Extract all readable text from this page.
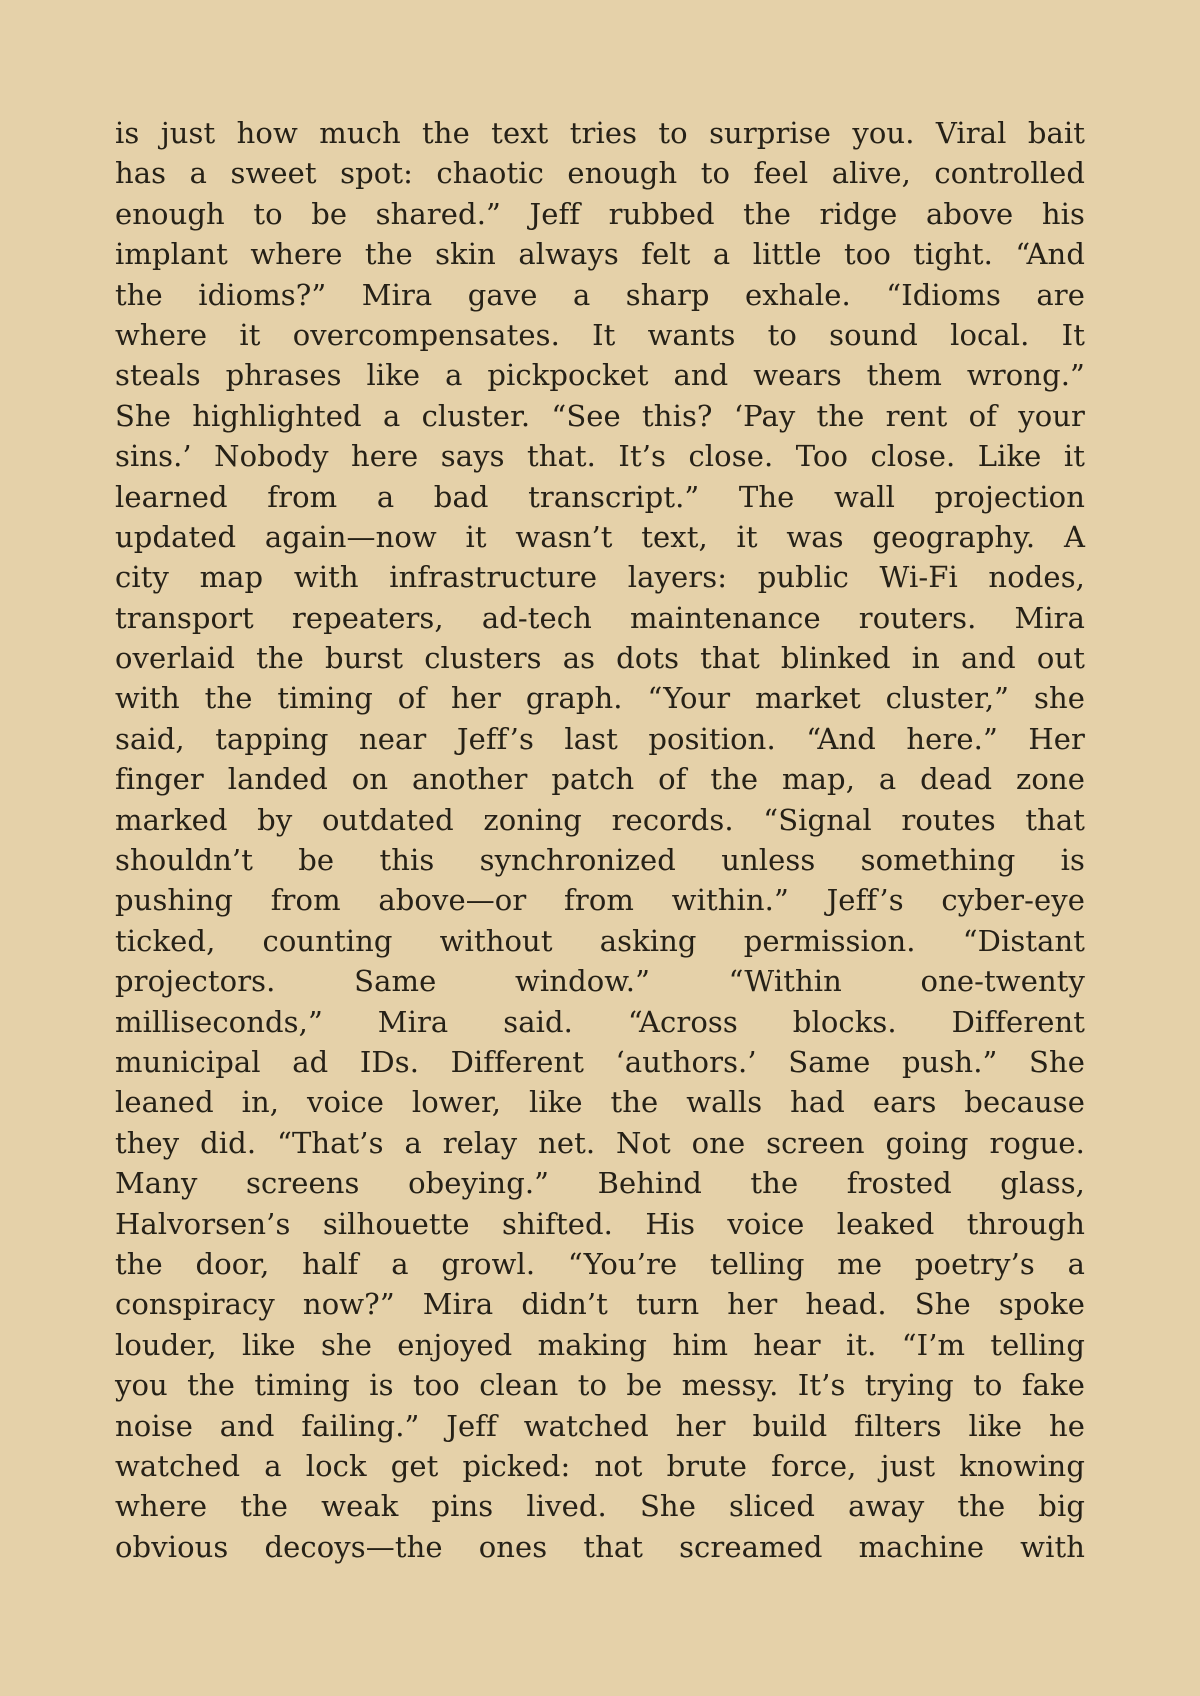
is just how much the text tries to surprise you. Viral bait
has a sweet spot: chaotic enough to feel alive, controlled
enough to be shared.” Jeff rubbed the ridge above his
implant where the skin always felt a little too tight. “And
the idioms?” Mira gave a sharp exhale. “Idioms are
where it overcompensates. It wants to sound local. It
steals phrases like a pickpocket and wears them wrong.”
She highlighted a cluster. “See this? ‘Pay the rent of your
sins.’ Nobody here says that. It’s close. Too close. Like it
learned from a bad transcript.” The wall projection
updated again—now it wasn’t text, it was geography. A
city map with infrastructure layers: public Wi-Fi nodes,
transport repeaters, ad-tech maintenance routers. Mira
overlaid the burst clusters as dots that blinked in and out
with the timing of her graph. “Your market cluster,” she
said, tapping near Jeff’s last position. “And here.” Her
finger landed on another patch of the map, a dead zone
marked by outdated zoning records. “Signal routes that
shouldn’t be this synchronized unless something is
pushing from above—or from within.” Jeff’s cyber-eye
ticked, counting without asking permission. “Distant
projectors. Same window.” “Within one-twenty
milliseconds,” Mira said. “Across blocks. Different
municipal ad IDs. Different ‘authors.’ Same push.” She
leaned in, voice lower, like the walls had ears because
they did. “That’s a relay net. Not one screen going rogue.
Many screens obeying.” Behind the frosted glass,
Halvorsen’s silhouette shifted. His voice leaked through
the door, half a growl. “You’re telling me poetry’s a
conspiracy now?” Mira didn’t turn her head. She spoke
louder, like she enjoyed making him hear it. “I’m telling
you the timing is too clean to be messy. It’s trying to fake
noise and failing.” Jeff watched her build filters like he
watched a lock get picked: not brute force, just knowing
where the weak pins lived. She sliced away the big
obvious decoys—the ones that screamed machine with
